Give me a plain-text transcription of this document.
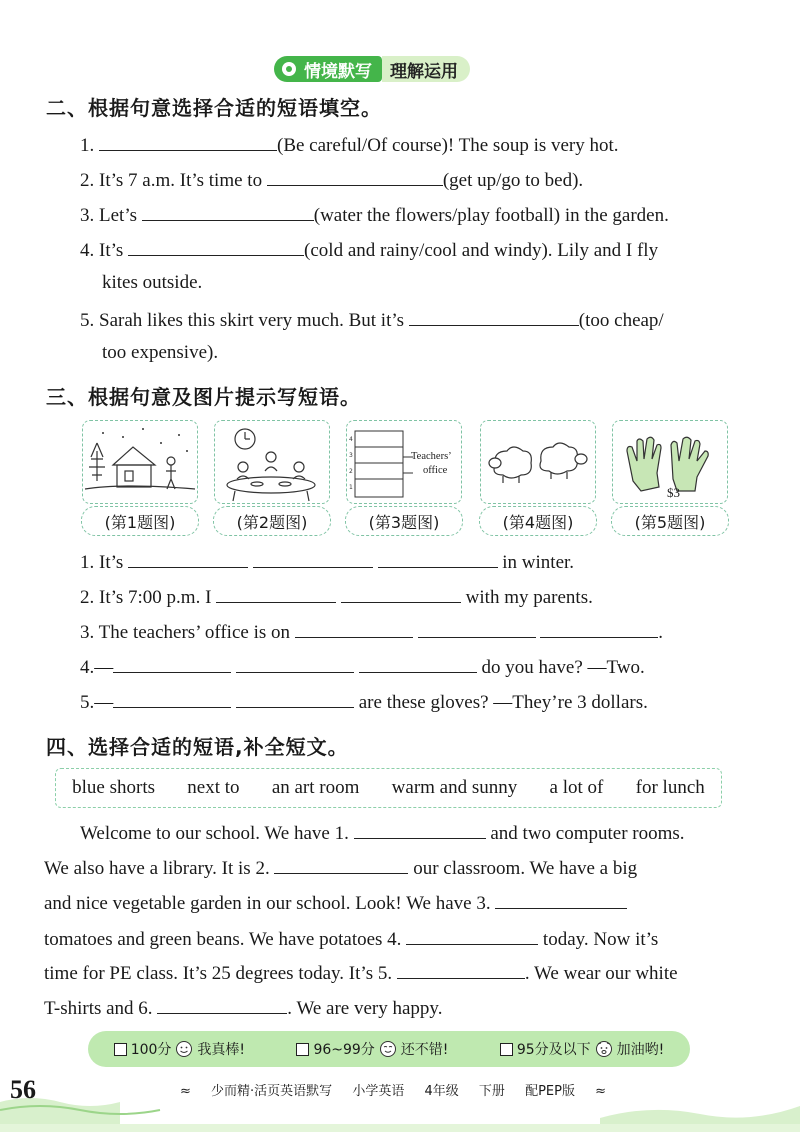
情境默写	理解运用
二、根据句意选择合适的短语填空。
1.	(Be careful/Of course)! The soup is very hot.
2. It’s 7 a.m. It’s time to	(get up/go to bed).
3. Let’s	(water the flowers/play football) in the garden.
4. It’s	(cold and rainy/cool and windy). Lily and I fly
kites outside.
5. Sarah likes this skirt very much. But it’s	(too cheap/
too expensive).
三、根据句意及图片提示写短语。
4
3
2
1
Teachers’
office
$3
(第1题图)	(第2题图)	(第3题图)	(第4题图)	(第5题图)
1. It’s	in winter.
2. It’s 7:00 p.m. I	with my parents.
3. The teachers’ office is on	.
4.—	do you have? —Two.
5.—	are these gloves? —They’re 3 dollars.
四、选择合适的短语,补全短文。
blue shorts next to an art room warm and sunny a lot of for lunch
Welcome to our school. We have 1.	and two computer rooms.
We also have a library. It is 2.	our classroom. We have a big
and nice vegetable garden in our school. Look! We have 3.
tomatoes and green beans. We have potatoes 4.	today. Now it’s
time for PE class. It’s 25 degrees today. It’s 5.	. We wear our white
T-shirts and 6.	. We are very happy.
100分 我真棒!	96~99分 还不错!	95分及以下 加油哟!
56	≈ 少而精·活页英语默写 小学英语 4年级 下册 配PEP版 ≈
